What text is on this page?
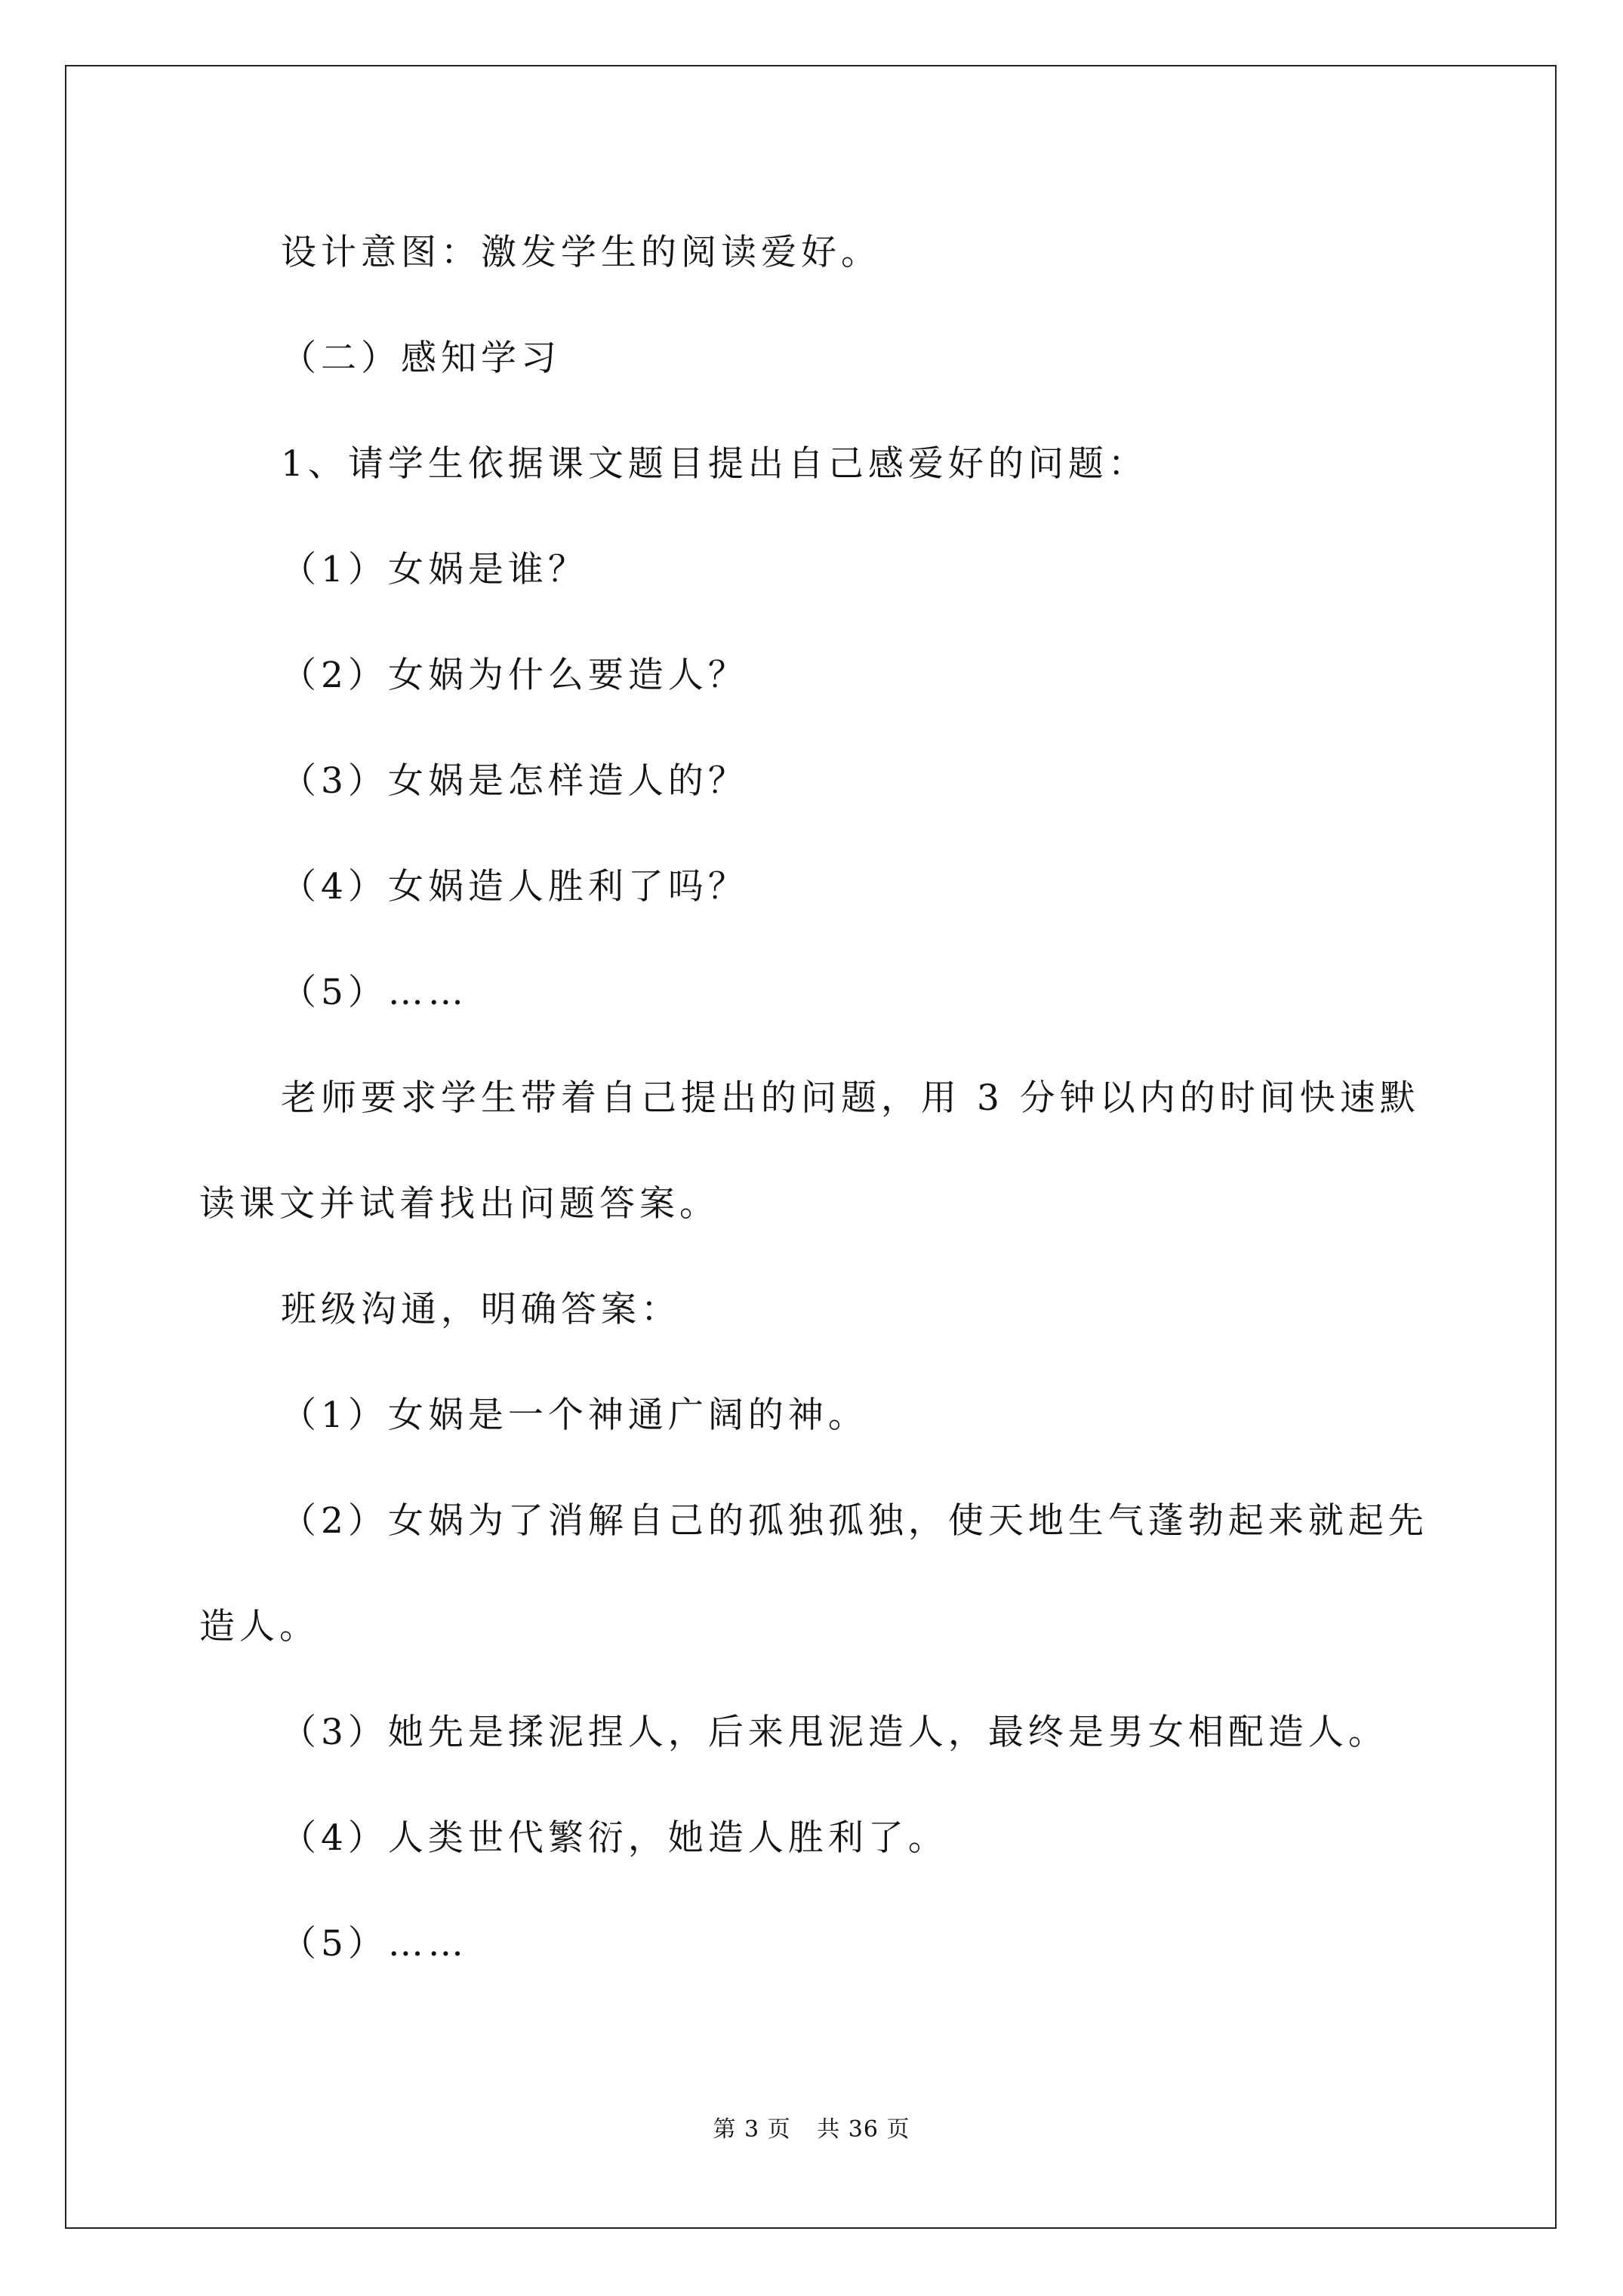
设计意图：激发学生的阅读爱好。
（二）感知学习
1、请学生依据课文题目提出自己感爱好的问题：
（1）女娲是谁？
（2）女娲为什么要造人？
（3）女娲是怎样造人的？
（4）女娲造人胜利了吗？
（5）……
老师要求学生带着自己提出的问题，用 3 分钟以内的时间快速默
读课文并试着找出问题答案。
班级沟通，明确答案：
（1）女娲是一个神通广阔的神。
（2）女娲为了消解自己的孤独孤独，使天地生气蓬勃起来就起先
造人。
（3）她先是揉泥捏人，后来甩泥造人，最终是男女相配造人。
（4）人类世代繁衍，她造人胜利了。
（5）……
第 3 页 共 36 页
